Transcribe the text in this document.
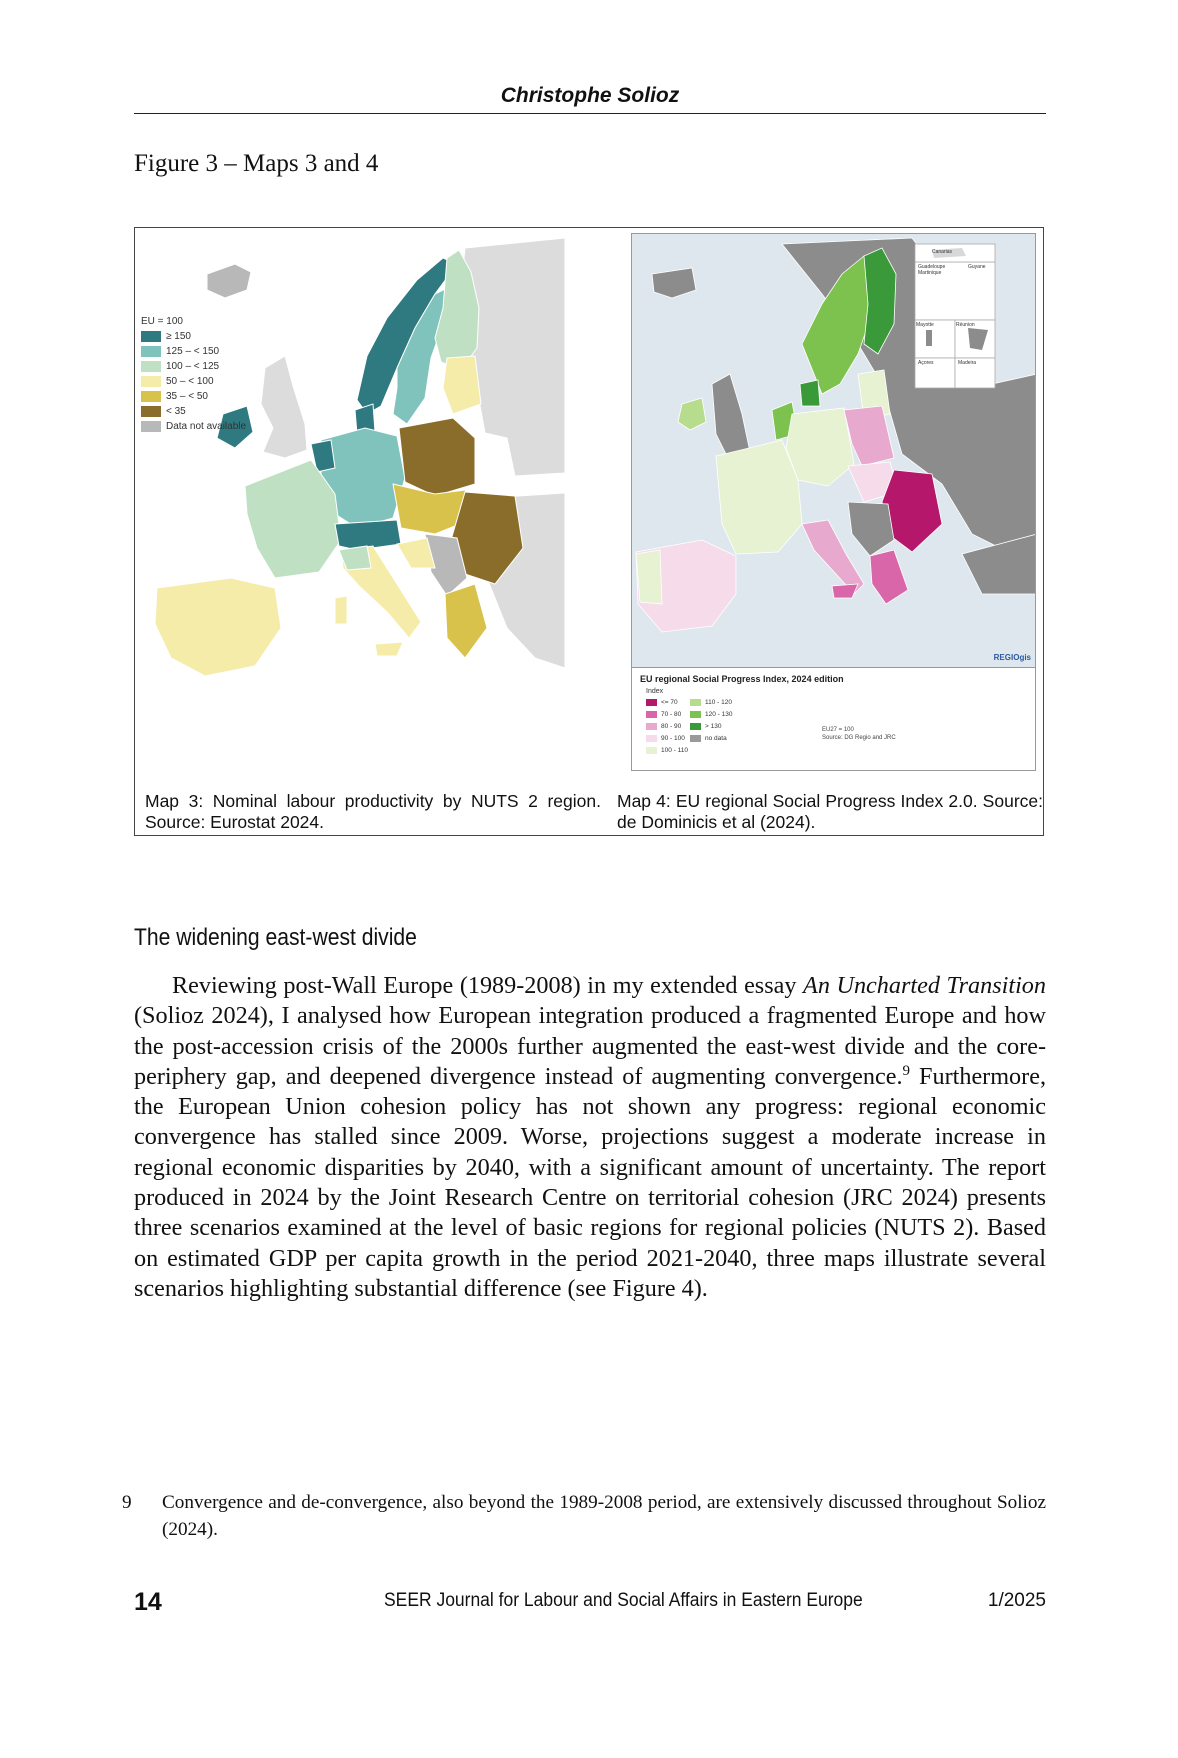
Christophe Solioz
Figure 3 – Maps 3 and 4
EU = 100
≥ 150
125 – < 150
100 – < 125
50 – < 100
35 – < 50
< 35
Data not available
Canarias
Guadeloupe Martinique
Guyane
Mayotte	Réunion
Açores	Madeira
REGIOgis
EU regional Social Progress Index, 2024 edition
Index
<= 70
70 - 80
80 - 90
90 - 100
100 - 110
110 - 120
120 - 130
> 130
no data
EU27 = 100
Source: DG Regio and JRC
Map 3: Nominal labour productivity by NUTS 2 region. Source: Eurostat 2024.
Map 4: EU regional Social Progress Index 2.0. Source: de Dominicis et al (2024).
The widening east-west divide
Reviewing post-Wall Europe (1989-2008) in my extended essay An Uncharted Transition (Solioz 2024), I analysed how European integration produced a fragmented Europe and how the post-accession crisis of the 2000s further augmented the east-west divide and the core-periphery gap, and deepened divergence instead of augmenting convergence.$^9$ Furthermore, the European Union cohesion policy has not shown any progress: regional economic convergence has stalled since 2009. Worse, projections suggest a moderate increase in regional economic disparities by 2040, with a significant amount of uncertainty. The report produced in 2024 by the Joint Research Centre on territorial cohesion (JRC 2024) presents three scenarios examined at the level of basic regions for regional policies (NUTS 2). Based on estimated GDP per capita growth in the period 2021-2040, three maps illustrate several scenarios highlighting substantial difference (see Figure 4).
9 Convergence and de-convergence, also beyond the 1989-2008 period, are extensively discussed throughout Solioz (2024).
14	SEER Journal for Labour and Social Affairs in Eastern Europe	1/2025
